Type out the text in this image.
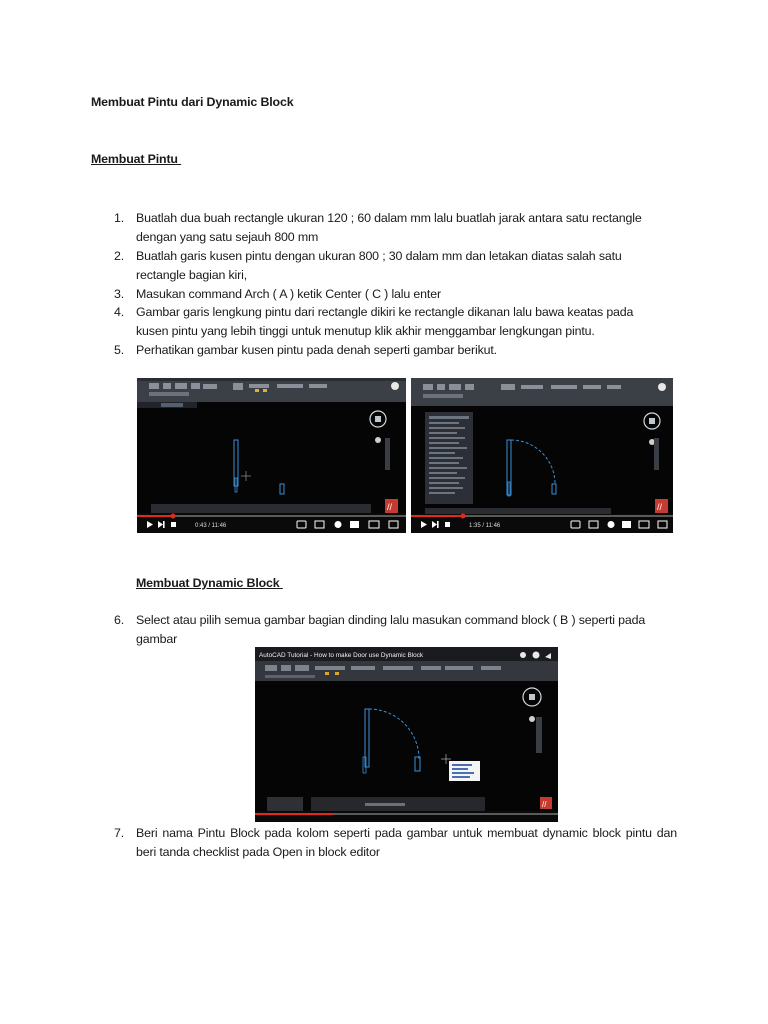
Membuat Pintu dari Dynamic Block
Membuat Pintu
1. Buatlah dua buah rectangle ukuran 120 ; 60 dalam mm lalu buatlah jarak antara satu rectangle dengan yang satu sejauh 800 mm
2. Buatlah garis kusen pintu dengan ukuran 800 ; 30 dalam mm dan letakan diatas salah satu rectangle bagian kiri,
3. Masukan command Arch ( A ) ketik Center ( C ) lalu enter
4. Gambar garis lengkung pintu dari rectangle dikiri ke rectangle dikanan lalu bawa keatas pada kusen pintu yang lebih tinggi untuk menutup klik akhir menggambar lengkungan pintu.
5. Perhatikan gambar kusen pintu pada denah seperti gambar berikut.
//
0:43 / 11:46
//
1:35 / 11:46
Membuat Dynamic Block
6. Select atau pilih semua gambar bagian dinding lalu masukan command block ( B ) seperti pada gambar
AutoCAD Tutorial - How to make Door use Dynamic Block
//
7. Beri nama Pintu Block pada kolom seperti pada gambar untuk membuat dynamic block pintu dan beri tanda checklist pada Open in block editor
